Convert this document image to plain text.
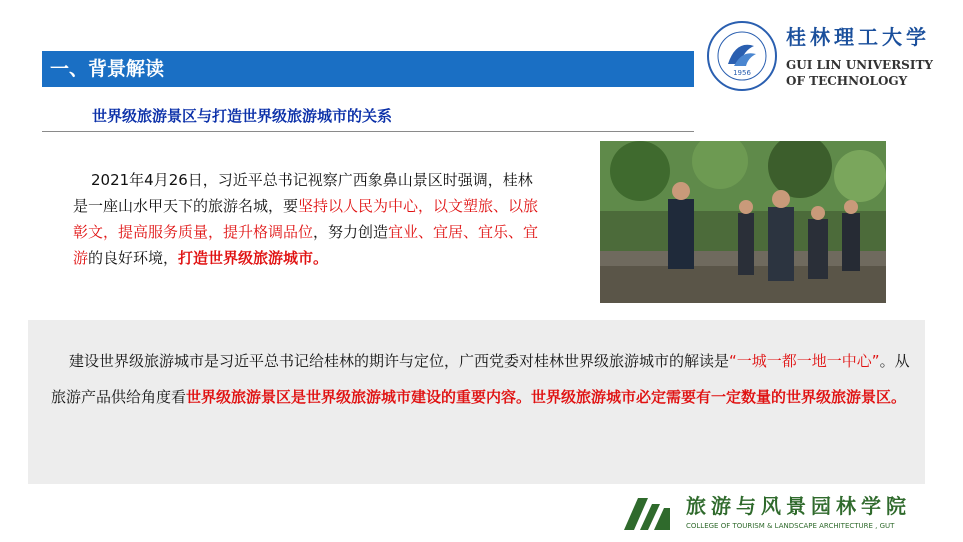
一、背景解读
世界级旅游景区与打造世界级旅游城市的关系
1956
桂林理工大学
GUI LIN UNIVERSITY
OF TECHNOLOGY
2021年4月26日，习近平总书记视察广西象鼻山景区时强调，桂林是一座山水甲天下的旅游名城，要坚持以人民为中心，以文塑旅、以旅彰文，提高服务质量，提升格调品位，努力创造宜业、宜居、宜乐、宜游的良好环境，打造世界级旅游城市。
建设世界级旅游城市是习近平总书记给桂林的期许与定位，广西党委对桂林世界级旅游城市的解读是“一城一都一地一中心”。从旅游产品供给角度看世界级旅游景区是世界级旅游城市建设的重要内容。世界级旅游城市必定需要有一定数量的世界级旅游景区。
旅游与风景园林学院
COLLEGE OF TOURISM & LANDSCAPE ARCHITECTURE , GUT
